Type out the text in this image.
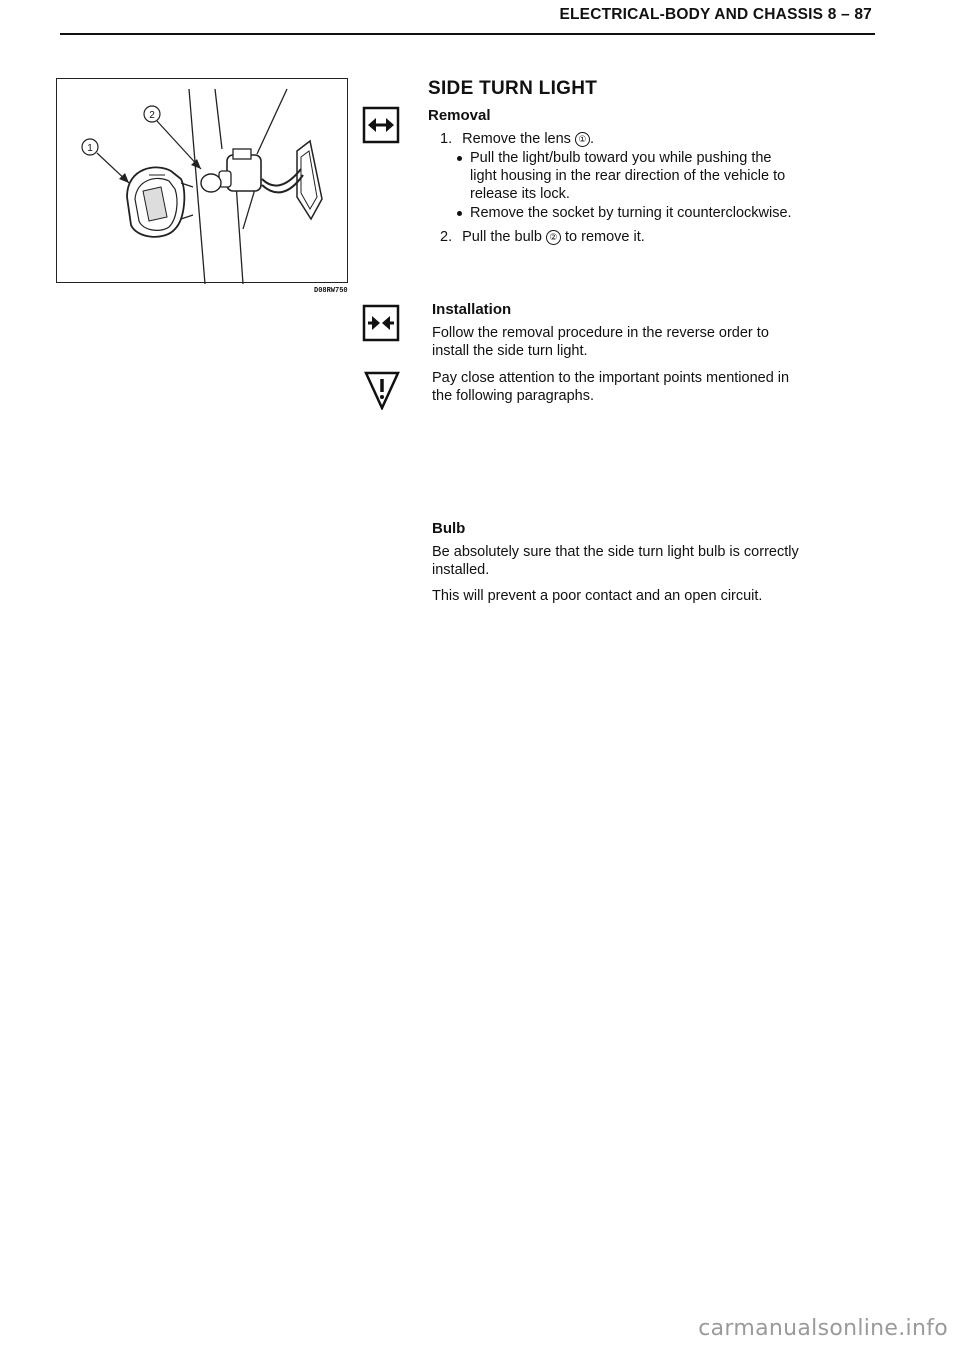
ELECTRICAL-BODY AND CHASSIS 8 – 87
2
1
D08RW750
SIDE TURN LIGHT
Removal
1. Remove the lens ① .
Pull the light/bulb toward you while pushing the
light housing in the rear direction of the vehicle to
release its lock.
Remove the socket by turning it counterclockwise.
2. Pull the bulb ② to remove it.
Installation
Follow the removal procedure in the reverse order to
install the side turn light.
Pay close attention to the important points mentioned in
the following paragraphs.
Bulb
Be absolutely sure that the side turn light bulb is correctly
installed.
This will prevent a poor contact and an open circuit.
carmanualsonline.info
